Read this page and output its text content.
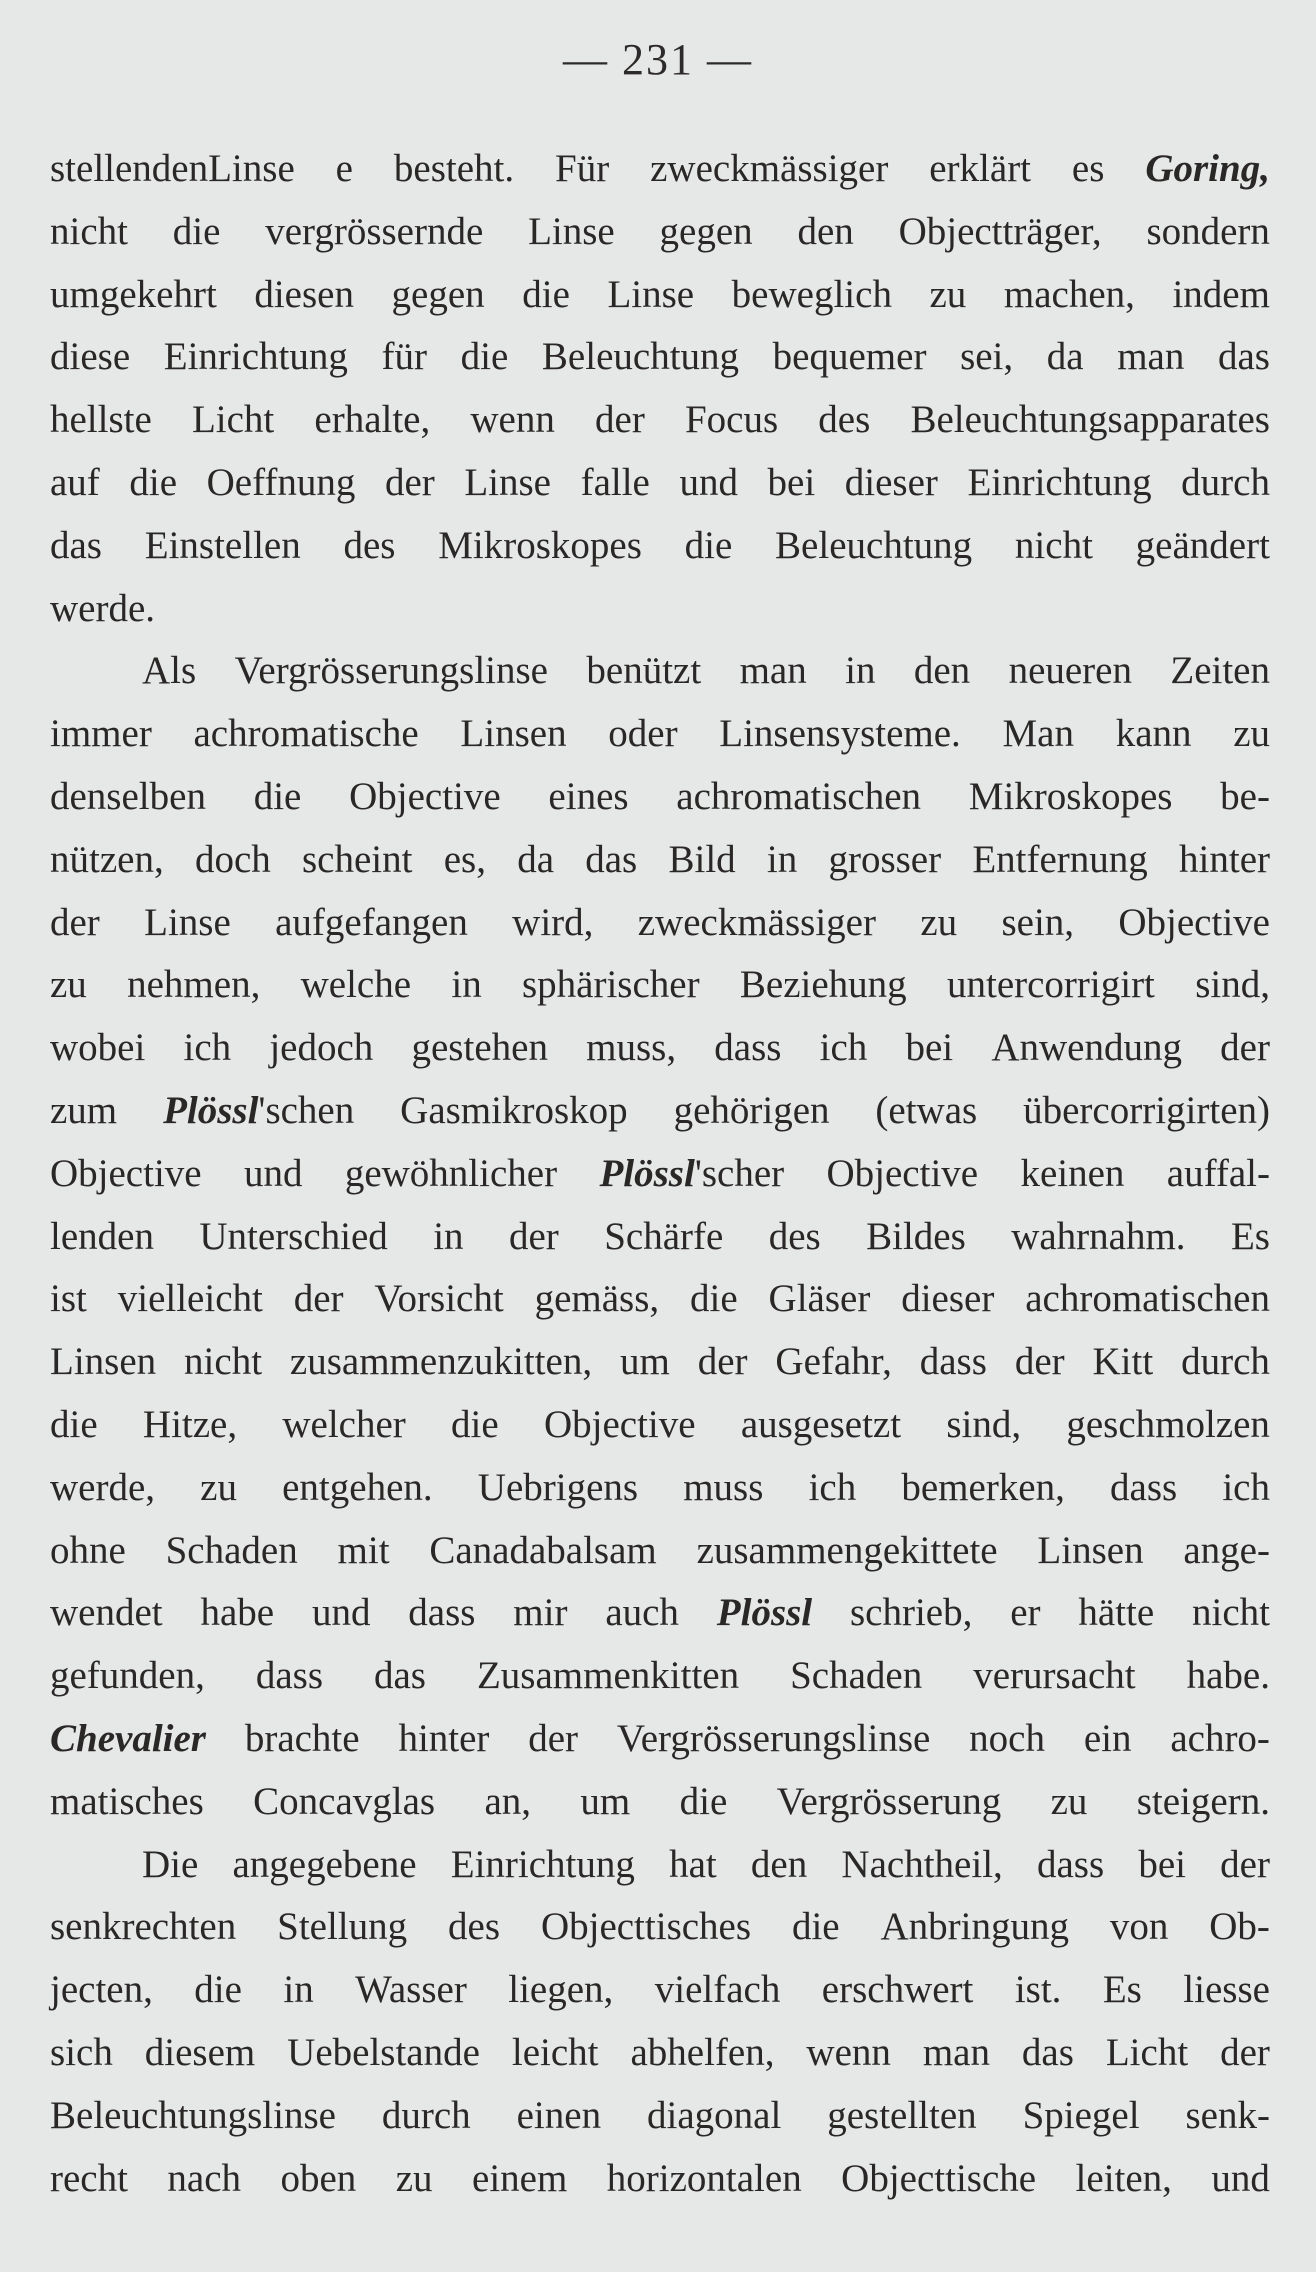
— 231 —
stellendenLinse e besteht. Für zweckmässiger erklärt es Goring,
nicht die vergrössernde Linse gegen den Objectträger, sondern
umgekehrt diesen gegen die Linse beweglich zu machen, indem
diese Einrichtung für die Beleuchtung bequemer sei, da man das
hellste Licht erhalte, wenn der Focus des Beleuchtungsapparates
auf die Oeffnung der Linse falle und bei dieser Einrichtung durch
das Einstellen des Mikroskopes die Beleuchtung nicht geändert
werde.
Als Vergrösserungslinse benützt man in den neueren Zeiten
immer achromatische Linsen oder Linsensysteme. Man kann zu
denselben die Objective eines achromatischen Mikroskopes be-
nützen, doch scheint es, da das Bild in grosser Entfernung hinter
der Linse aufgefangen wird, zweckmässiger zu sein, Objective
zu nehmen, welche in sphärischer Beziehung untercorrigirt sind,
wobei ich jedoch gestehen muss, dass ich bei Anwendung der
zum Plössl'schen Gasmikroskop gehörigen (etwas übercorrigirten)
Objective und gewöhnlicher Plössl'scher Objective keinen auffal-
lenden Unterschied in der Schärfe des Bildes wahrnahm. Es
ist vielleicht der Vorsicht gemäss, die Gläser dieser achromatischen
Linsen nicht zusammenzukitten, um der Gefahr, dass der Kitt durch
die Hitze, welcher die Objective ausgesetzt sind, geschmolzen
werde, zu entgehen. Uebrigens muss ich bemerken, dass ich
ohne Schaden mit Canadabalsam zusammengekittete Linsen ange-
wendet habe und dass mir auch Plössl schrieb, er hätte nicht
gefunden, dass das Zusammenkitten Schaden verursacht habe.
Chevalier brachte hinter der Vergrösserungslinse noch ein achro-
matisches Concavglas an, um die Vergrösserung zu steigern.
Die angegebene Einrichtung hat den Nachtheil, dass bei der
senkrechten Stellung des Objecttisches die Anbringung von Ob-
jecten, die in Wasser liegen, vielfach erschwert ist. Es liesse
sich diesem Uebelstande leicht abhelfen, wenn man das Licht der
Beleuchtungslinse durch einen diagonal gestellten Spiegel senk-
recht nach oben zu einem horizontalen Objecttische leiten, und
